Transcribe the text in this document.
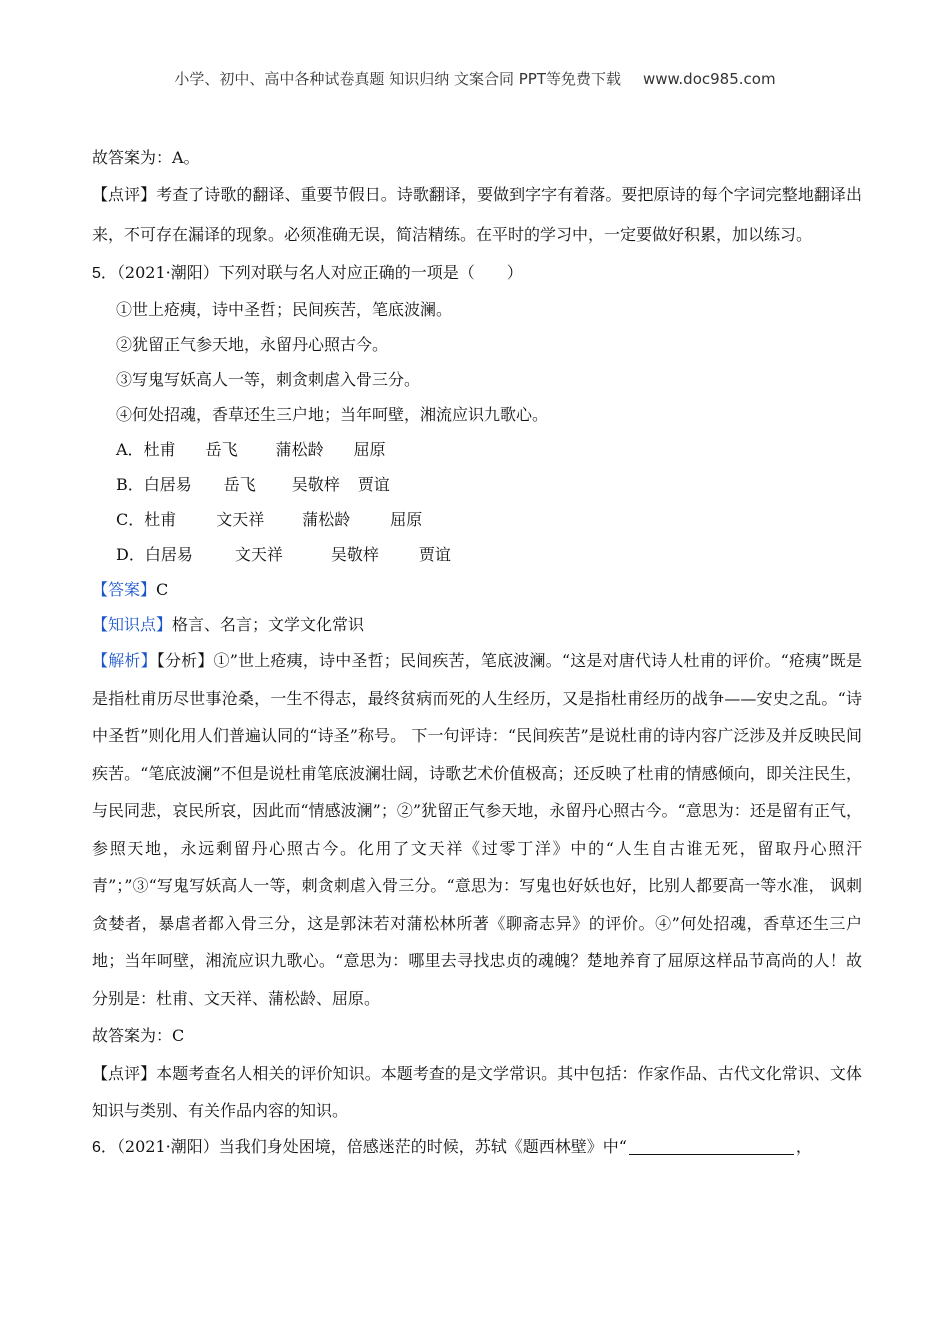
小学、初中、高中各种试卷真题 知识归纳 文案合同 PPT等免费下载 www.doc985.com

故答案为：A。

【点评】考查了诗歌的翻译、重要节假日。诗歌翻译，要做到字字有着落。要把原诗的每个字词完整地翻译出来，不可存在漏译的现象。必须准确无误，简洁精练。在平时的学习中，一定要做好积累，加以练习。

5．（2021·潮阳）下列对联与名人对应正确的一项是（　　）

①世上疮痍，诗中圣哲；民间疾苦，笔底波澜。

②犹留正气参天地，永留丹心照古今。

③写鬼写妖高人一等，刺贪刺虐入骨三分。

④何处招魂，香草还生三户地；当年呵壁，湘流应识九歌心。

A．杜甫 岳飞 蒲松龄 屈原

B．白居易 岳飞 吴敬梓 贾谊

C．杜甫 文天祥 蒲松龄 屈原

D．白居易	文天祥	吴敬梓 贾谊

【答案】C

【知识点】格言、名言；文学文化常识

【解析】【分析】①”世上疮痍，诗中圣哲；民间疾苦，笔底波澜。“这是对唐代诗人杜甫的评价。“疮痍”既是是指杜甫历尽世事沧桑，一生不得志，最终贫病而死的人生经历，又是指杜甫经历的战争——安史之乱。“诗中圣哲”则化用人们普遍认同的“诗圣”称号。 下一句评诗：“民间疾苦”是说杜甫的诗内容广泛涉及并反映民间疾苦。“笔底波澜”不但是说杜甫笔底波澜壮阔，诗歌艺术价值极高；还反映了杜甫的情感倾向，即关注民生，与民同悲，哀民所哀，因此而“情感波澜”；②”犹留正气参天地，永留丹心照古今。“意思为：还是留有正气，参照天地，永远剩留丹心照古今。化用了文天祥《过零丁洋》中的“人生自古谁无死，留取丹心照汗青”；”③“写鬼写妖高人一等，刺贪刺虐入骨三分。“意思为：写鬼也好妖也好，比别人都要高一等水准， 讽刺贪婪者，暴虐者都入骨三分，这是郭沫若对蒲松林所著《聊斋志异》的评价。④”何处招魂，香草还生三户地；当年呵壁，湘流应识九歌心。“意思为：哪里去寻找忠贞的魂魄？楚地养育了屈原这样品节高尚的人！故分别是：杜甫、文天祥、蒲松龄、屈原。

故答案为：C

【点评】本题考查名人相关的评价知识。本题考查的是文学常识。其中包括：作家作品、古代文化常识、文体知识与类别、有关作品内容的知识。

6．（2021·潮阳）当我们身处困境，倍感迷茫的时候，苏轼《题西林壁》中“	，
